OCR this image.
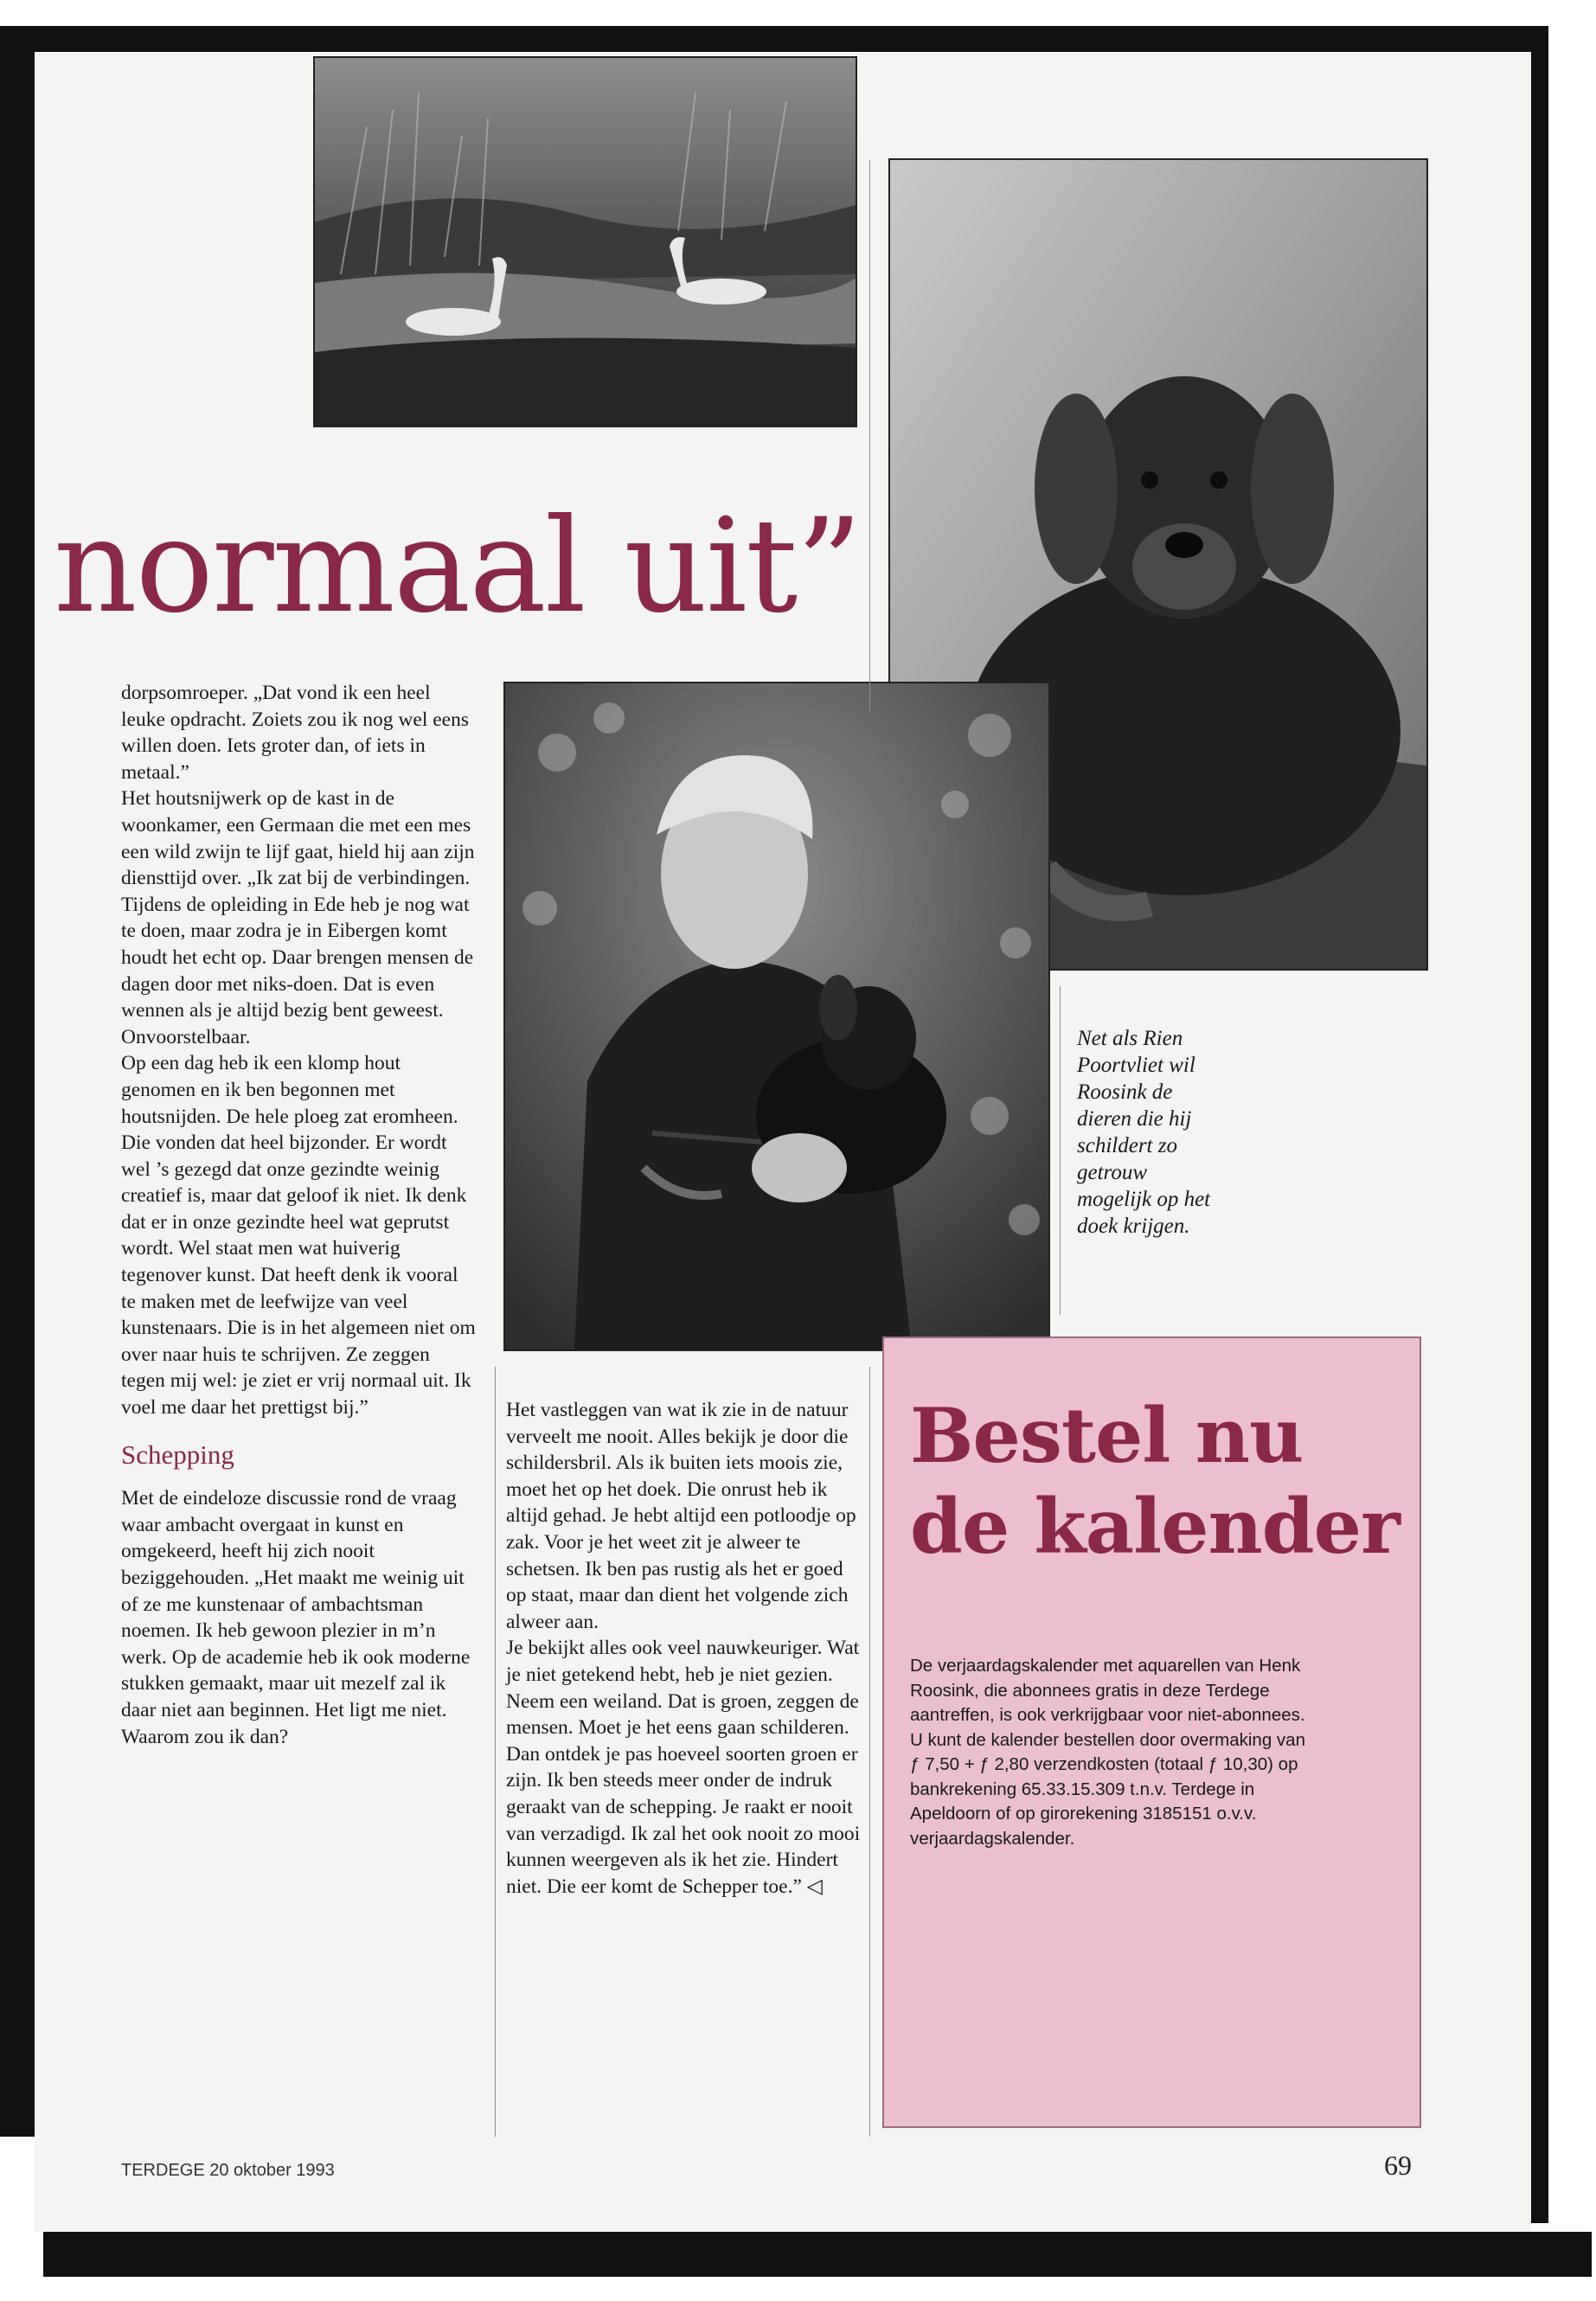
normaal uit”

dorpsomroeper. „Dat vond ik een heel leuke opdracht. Zoiets zou ik nog wel eens willen doen. Iets groter dan, of iets in metaal.”

Het houtsnijwerk op de kast in de woonkamer, een Germaan die met een mes een wild zwijn te lijf gaat, hield hij aan zijn diensttijd over. „Ik zat bij de verbindingen. Tijdens de opleiding in Ede heb je nog wat te doen, maar zodra je in Eibergen komt houdt het echt op. Daar brengen mensen de dagen door met niks-doen. Dat is even wennen als je altijd bezig bent geweest. Onvoorstelbaar.

Op een dag heb ik een klomp hout genomen en ik ben begonnen met houtsnijden. De hele ploeg zat eromheen. Die vonden dat heel bijzonder. Er wordt wel ’s gezegd dat onze gezindte weinig creatief is, maar dat geloof ik niet. Ik denk dat er in onze gezindte heel wat geprutst wordt. Wel staat men wat huiverig tegenover kunst. Dat heeft denk ik vooral te maken met de leefwijze van veel kunstenaars. Die is in het algemeen niet om over naar huis te schrijven. Ze zeggen tegen mij wel: je ziet er vrij normaal uit. Ik voel me daar het prettigst bij.”

Schepping

Met de eindeloze discussie rond de vraag waar ambacht overgaat in kunst en omgekeerd, heeft hij zich nooit beziggehouden. „Het maakt me weinig uit of ze me kunstenaar of ambachtsman noemen. Ik heb gewoon plezier in m’n werk. Op de academie heb ik ook moderne stukken gemaakt, maar uit mezelf zal ik daar niet aan beginnen. Het ligt me niet. Waarom zou ik dan?

Het vastleggen van wat ik zie in de natuur verveelt me nooit. Alles bekijk je door die schildersbril. Als ik buiten iets moois zie, moet het op het doek. Die onrust heb ik altijd gehad. Je hebt altijd een potloodje op zak. Voor je het weet zit je alweer te schetsen. Ik ben pas rustig als het er goed op staat, maar dan dient het volgende zich alweer aan.

Je bekijkt alles ook veel nauwkeuriger. Wat je niet getekend hebt, heb je niet gezien. Neem een weiland. Dat is groen, zeggen de mensen. Moet je het eens gaan schilderen. Dan ontdek je pas hoeveel soorten groen er zijn. Ik ben steeds meer onder de indruk geraakt van de schepping. Je raakt er nooit van verzadigd. Ik zal het ook nooit zo mooi kunnen weergeven als ik het zie. Hindert niet. Die eer komt de Schepper toe.” ◁

Net als Rien Poortvliet wil Roosink de dieren die hij schildert zo getrouw mogelijk op het doek krijgen.

Bestel nu de kalender

De verjaardagskalender met aquarellen van Henk Roosink, die abonnees gratis in deze Terdege aantreffen, is ook verkrijgbaar voor niet-abonnees. U kunt de kalender bestellen door overmaking van ƒ 7,50 + ƒ 2,80 verzendkosten (totaal ƒ 10,30) op bankrekening 65.33.15.309 t.n.v. Terdege in Apeldoorn of op girorekening 3185151 o.v.v. verjaardagskalender.

TERDEGE 20 oktober 1993	69
